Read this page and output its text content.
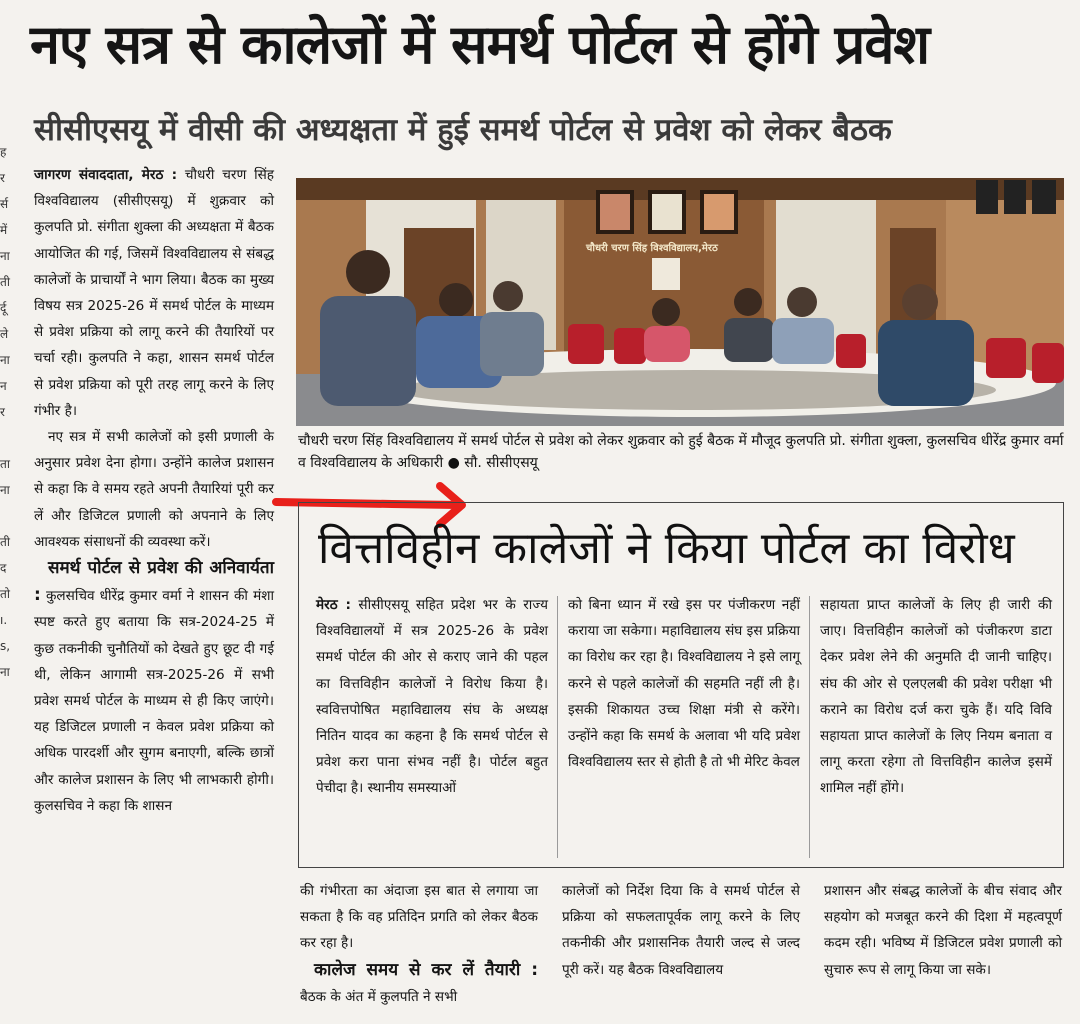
नए सत्र से कालेजों में समर्थ पोर्टल से होंगे प्रवेश
सीसीएसयू में वीसी की अध्यक्षता में हुई समर्थ पोर्टल से प्रवेश को लेकर बैठक
ह
र
र्स
में
ना
ती
र्दू
ले
ना
न
र
ता
ना
ती
द
तो
ı.
s,
ना

जागरण संवाददाता, मेरठ : चौधरी चरण सिंह विश्वविद्यालय (सीसीएसयू) में शुक्रवार को कुलपति प्रो. संगीता शुक्ला की अध्यक्षता में बैठक आयोजित की गई, जिसमें विश्वविद्यालय से संबद्ध कालेजों के प्राचार्यों ने भाग लिया। बैठक का मुख्य विषय सत्र 2025-26 में समर्थ पोर्टल के माध्यम से प्रवेश प्रक्रिया को लागू करने की तैयारियों पर चर्चा रही। कुलपति ने कहा, शासन समर्थ पोर्टल से प्रवेश प्रक्रिया को पूरी तरह लागू करने के लिए गंभीर है।

नए सत्र में सभी कालेजों को इसी प्रणाली के अनुसार प्रवेश देना होगा। उन्होंने कालेज प्रशासन से कहा कि वे समय रहते अपनी तैयारियां पूरी कर लें और डिजिटल प्रणाली को अपनाने के लिए आवश्यक संसाधनों की व्यवस्था करें।

समर्थ पोर्टल से प्रवेश की अनिवार्यता : कुलसचिव धीरेंद्र कुमार वर्मा ने शासन की मंशा स्पष्ट करते हुए बताया कि सत्र-2024-25 में कुछ तकनीकी चुनौतियों को देखते हुए छूट दी गई थी, लेकिन आगामी सत्र-2025-26 में सभी प्रवेश समर्थ पोर्टल के माध्यम से ही किए जाएंगे। यह डिजिटल प्रणाली न केवल प्रवेश प्रक्रिया को अधिक पारदर्शी और सुगम बनाएगी, बल्कि छात्रों और कालेज प्रशासन के लिए भी लाभकारी होगी। कुलसचिव ने कहा कि शासन

चौधरी चरण सिंह विश्वविद्यालय,मेरठ
चौधरी चरण सिंह विश्वविद्यालय में समर्थ पोर्टल से प्रवेश को लेकर शुक्रवार को हुई बैठक में मौजूद कुलपति प्रो. संगीता शुक्ला, कुलसचिव धीरेंद्र कुमार वर्मा व विश्वविद्यालय के अधिकारी ● सौ. सीसीएसयू
वित्तविहीन कालेजों ने किया पोर्टल का विरोध

मेरठ : सीसीएसयू सहित प्रदेश भर के राज्य विश्वविद्यालयों में सत्र 2025-26 के प्रवेश समर्थ पोर्टल की ओर से कराए जाने की पहल का वित्तविहीन कालेजों ने विरोध किया है। स्ववित्तपोषित महाविद्यालय संघ के अध्यक्ष नितिन यादव का कहना है कि समर्थ पोर्टल से प्रवेश करा पाना संभव नहीं है। पोर्टल बहुत पेचीदा है। स्थानीय समस्याओं

को बिना ध्यान में रखे इस पर पंजीकरण नहीं कराया जा सकेगा। महाविद्यालय संघ इस प्रक्रिया का विरोध कर रहा है। विश्वविद्यालय ने इसे लागू करने से पहले कालेजों की सहमति नहीं ली है। इसकी शिकायत उच्च शिक्षा मंत्री से करेंगे। उन्होंने कहा कि समर्थ के अलावा भी यदि प्रवेश विश्वविद्यालय स्तर से होती है तो भी मेरिट केवल

सहायता प्राप्त कालेजों के लिए ही जारी की जाए। वित्तविहीन कालेजों को पंजीकरण डाटा देकर प्रवेश लेने की अनुमति दी जानी चाहिए। संघ की ओर से एलएलबी की प्रवेश परीक्षा भी कराने का विरोध दर्ज करा चुके हैं। यदि विवि सहायता प्राप्त कालेजों के लिए नियम बनाता व लागू करता रहेगा तो वित्तविहीन कालेज इसमें शामिल नहीं होंगे।

की गंभीरता का अंदाजा इस बात से लगाया जा सकता है कि वह प्रतिदिन प्रगति को लेकर बैठक कर रहा है।

कालेज समय से कर लें तैयारी : बैठक के अंत में कुलपति ने सभी

कालेजों को निर्देश दिया कि वे समर्थ पोर्टल से प्रक्रिया को सफलतापूर्वक लागू करने के लिए तकनीकी और प्रशासनिक तैयारी जल्द से जल्द पूरी करें। यह बैठक विश्वविद्यालय

प्रशासन और संबद्ध कालेजों के बीच संवाद और सहयोग को मजबूत करने की दिशा में महत्वपूर्ण कदम रही। भविष्य में डिजिटल प्रवेश प्रणाली को सुचारु रूप से लागू किया जा सके।
